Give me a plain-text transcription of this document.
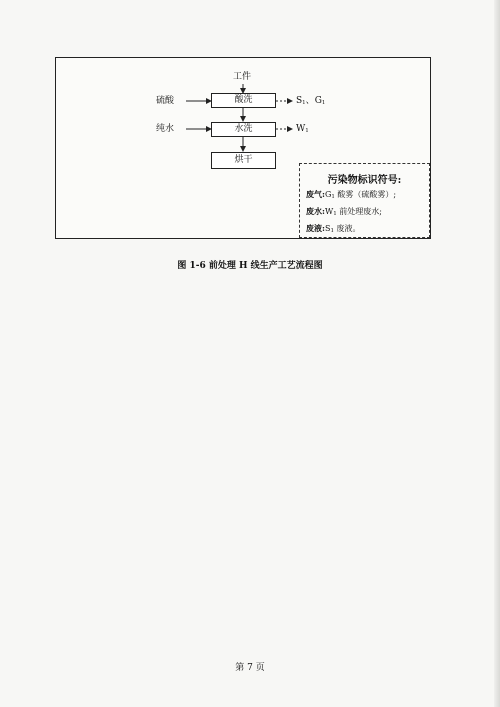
工件
硫酸
纯水
酸洗
水洗
烘干
$S_1$、$G_1$
$W_1$
污染物标识符号:
废气$:G_1$ 酸雾（硫酸雾）;
废水$:W_1$ 前处理废水;
废液$:S_1$ 废液。
图 1-6 前处理 H 线生产工艺流程图
第 7 页
